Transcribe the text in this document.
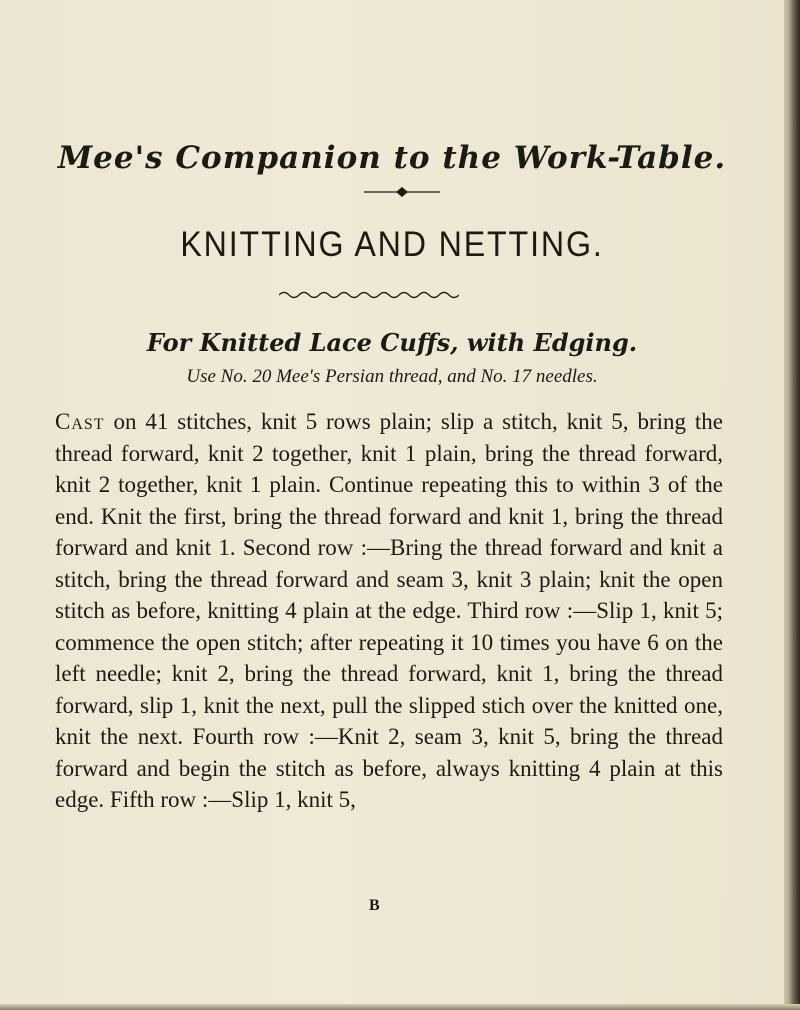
Mee's Companion to the Work-Table.
KNITTING AND NETTING.
For Knitted Lace Cuffs, with Edging.
Use No. 20 Mee's Persian thread, and No. 17 needles.
Cast on 41 stitches, knit 5 rows plain; slip a stitch, knit 5, bring the thread forward, knit 2 together, knit 1 plain, bring the thread forward, knit 2 together, knit 1 plain. Continue repeating this to within 3 of the end. Knit the first, bring the thread forward and knit 1, bring the thread forward and knit 1. Second row :—Bring the thread forward and knit a stitch, bring the thread forward and seam 3, knit 3 plain; knit the open stitch as before, knitting 4 plain at the edge. Third row :—Slip 1, knit 5; commence the open stitch; after repeating it 10 times you have 6 on the left needle; knit 2, bring the thread forward, knit 1, bring the thread forward, slip 1, knit the next, pull the slipped stich over the knitted one, knit the next. Fourth row :—Knit 2, seam 3, knit 5, bring the thread forward and begin the stitch as before, always knitting 4 plain at this edge. Fifth row :—Slip 1, knit 5,
B
